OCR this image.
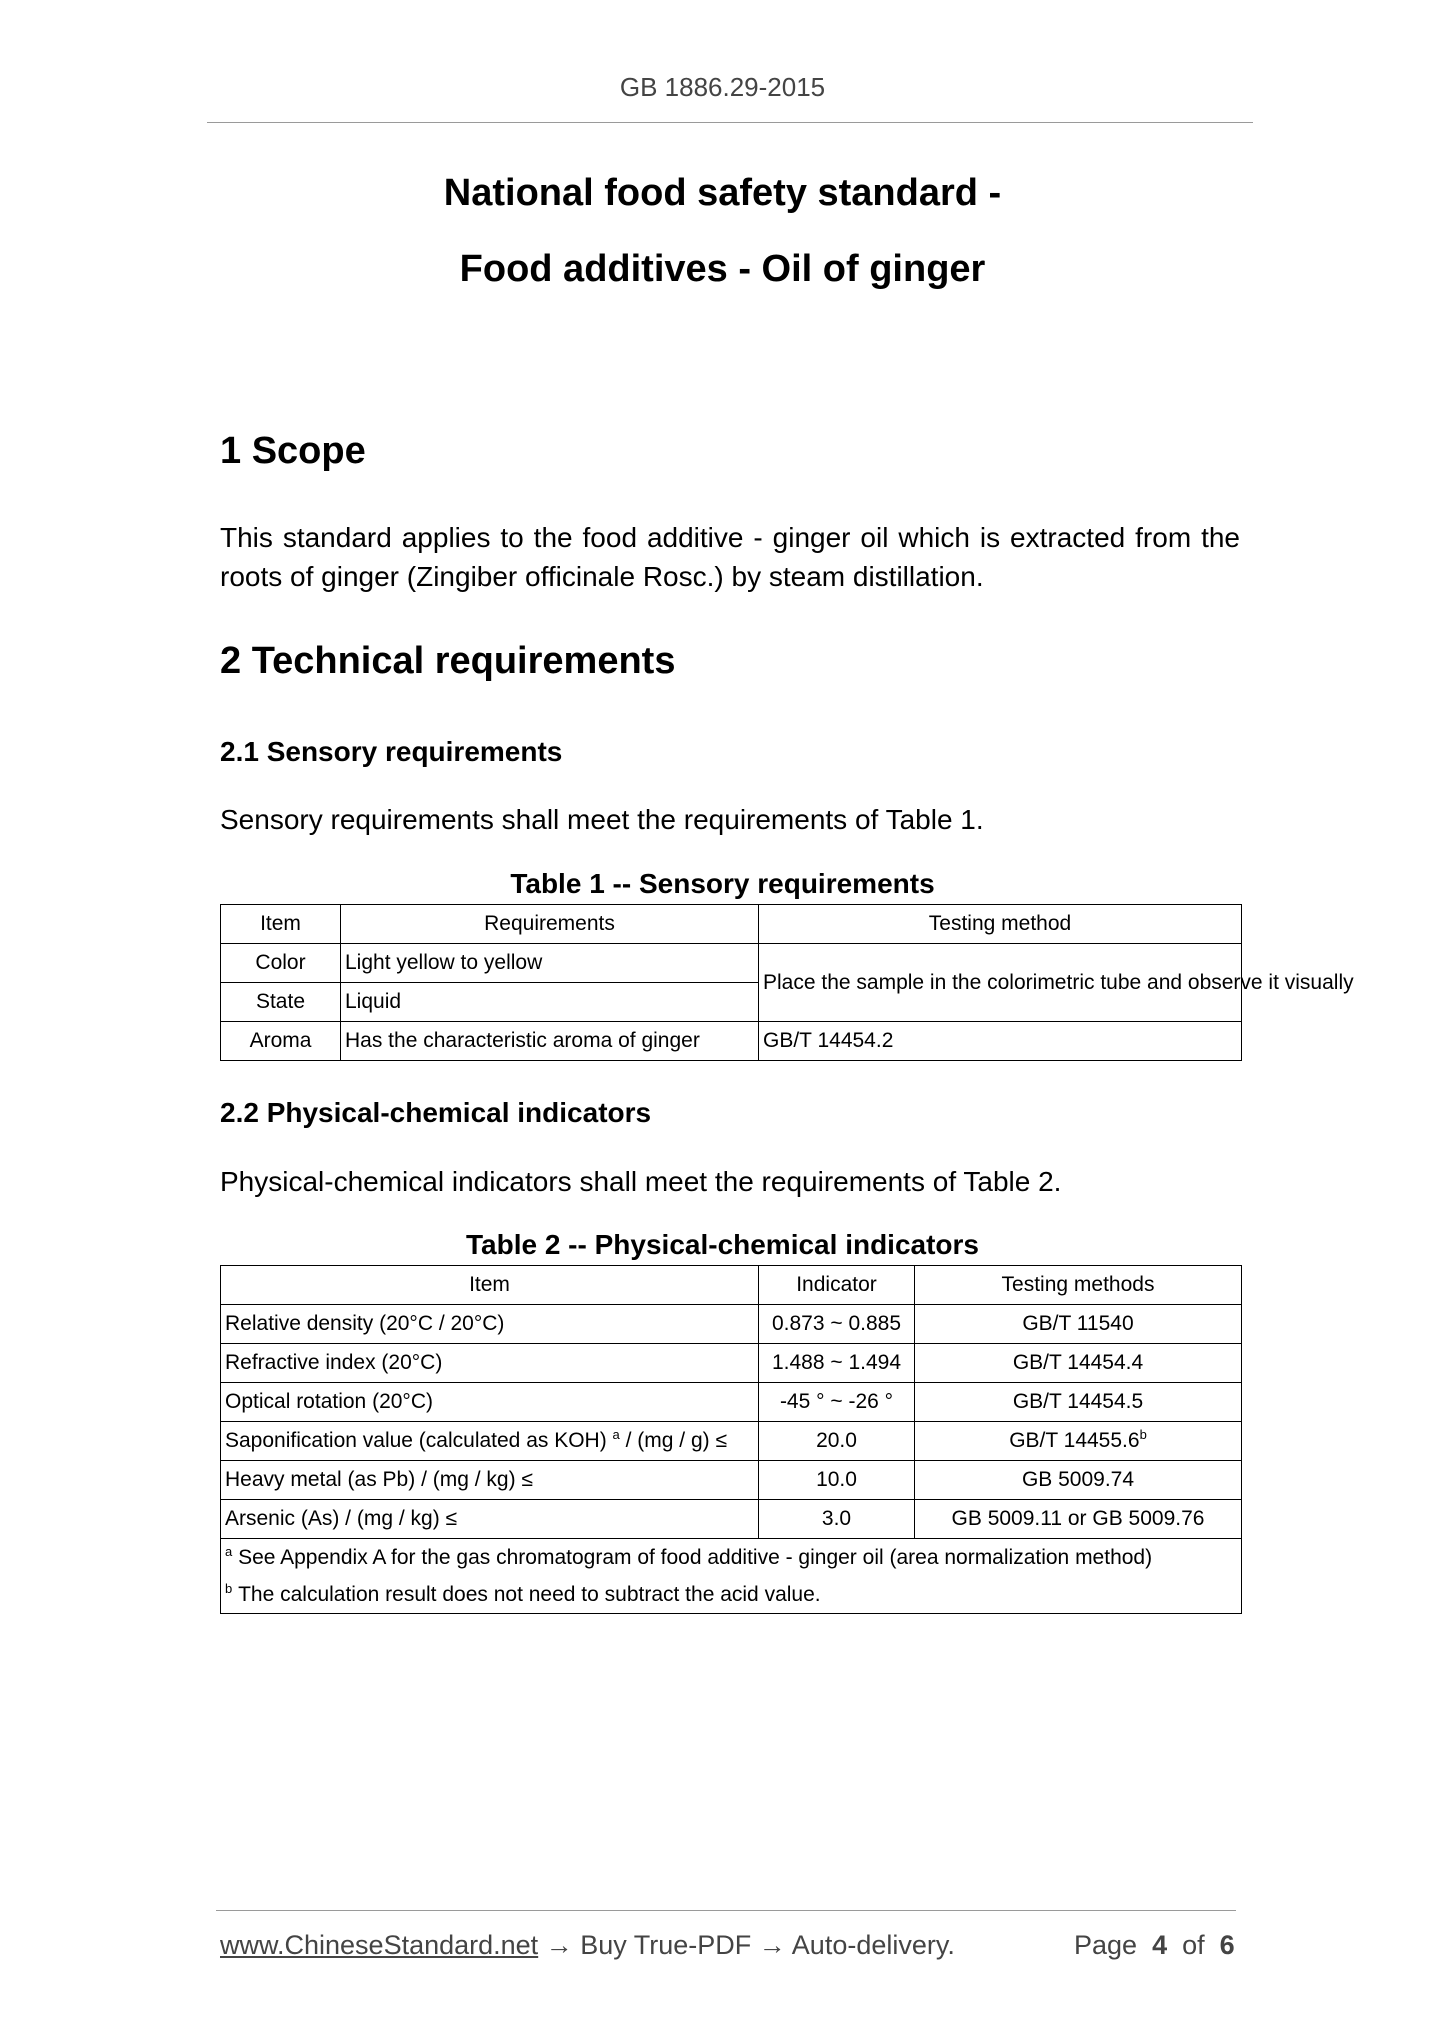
GB 1886.29-2015
National food safety standard -
Food additives - Oil of ginger
1 Scope
This standard applies to the food additive - ginger oil which is extracted from the roots of ginger (Zingiber officinale Rosc.) by steam distillation.
2 Technical requirements
2.1 Sensory requirements
Sensory requirements shall meet the requirements of Table 1.
Table 1 -- Sensory requirements
Item	Requirements	Testing method
Color	Light yellow to yellow	Place the sample in the colorimetric tube and observe it visually
State	Liquid	
Aroma	Has the characteristic aroma of ginger	GB/T 14454.2
2.2 Physical-chemical indicators
Physical-chemical indicators shall meet the requirements of Table 2.
Table 2 -- Physical-chemical indicators
Item	Indicator	Testing methods
Relative density (20°C / 20°C)	0.873 ~ 0.885	GB/T 11540
Refractive index (20°C)	1.488 ~ 1.494	GB/T 14454.4
Optical rotation (20°C)	-45 ° ~ -26 °	GB/T 14454.5
Saponification value (calculated as KOH) $^a$ / (mg / g) ≤	20.0	GB/T 14455.6$^b$
Heavy metal (as Pb) / (mg / kg) ≤	10.0	GB 5009.74
Arsenic (As) / (mg / kg) ≤	3.0	GB 5009.11 or GB 5009.76

$^a$ See Appendix A for the gas chromatogram of food additive - ginger oil (area normalization method)
$^b$ The calculation result does not need to subtract the acid value.		
www.ChineseStandard.net → Buy True-PDF → Auto-delivery.	Page 4 of 6
